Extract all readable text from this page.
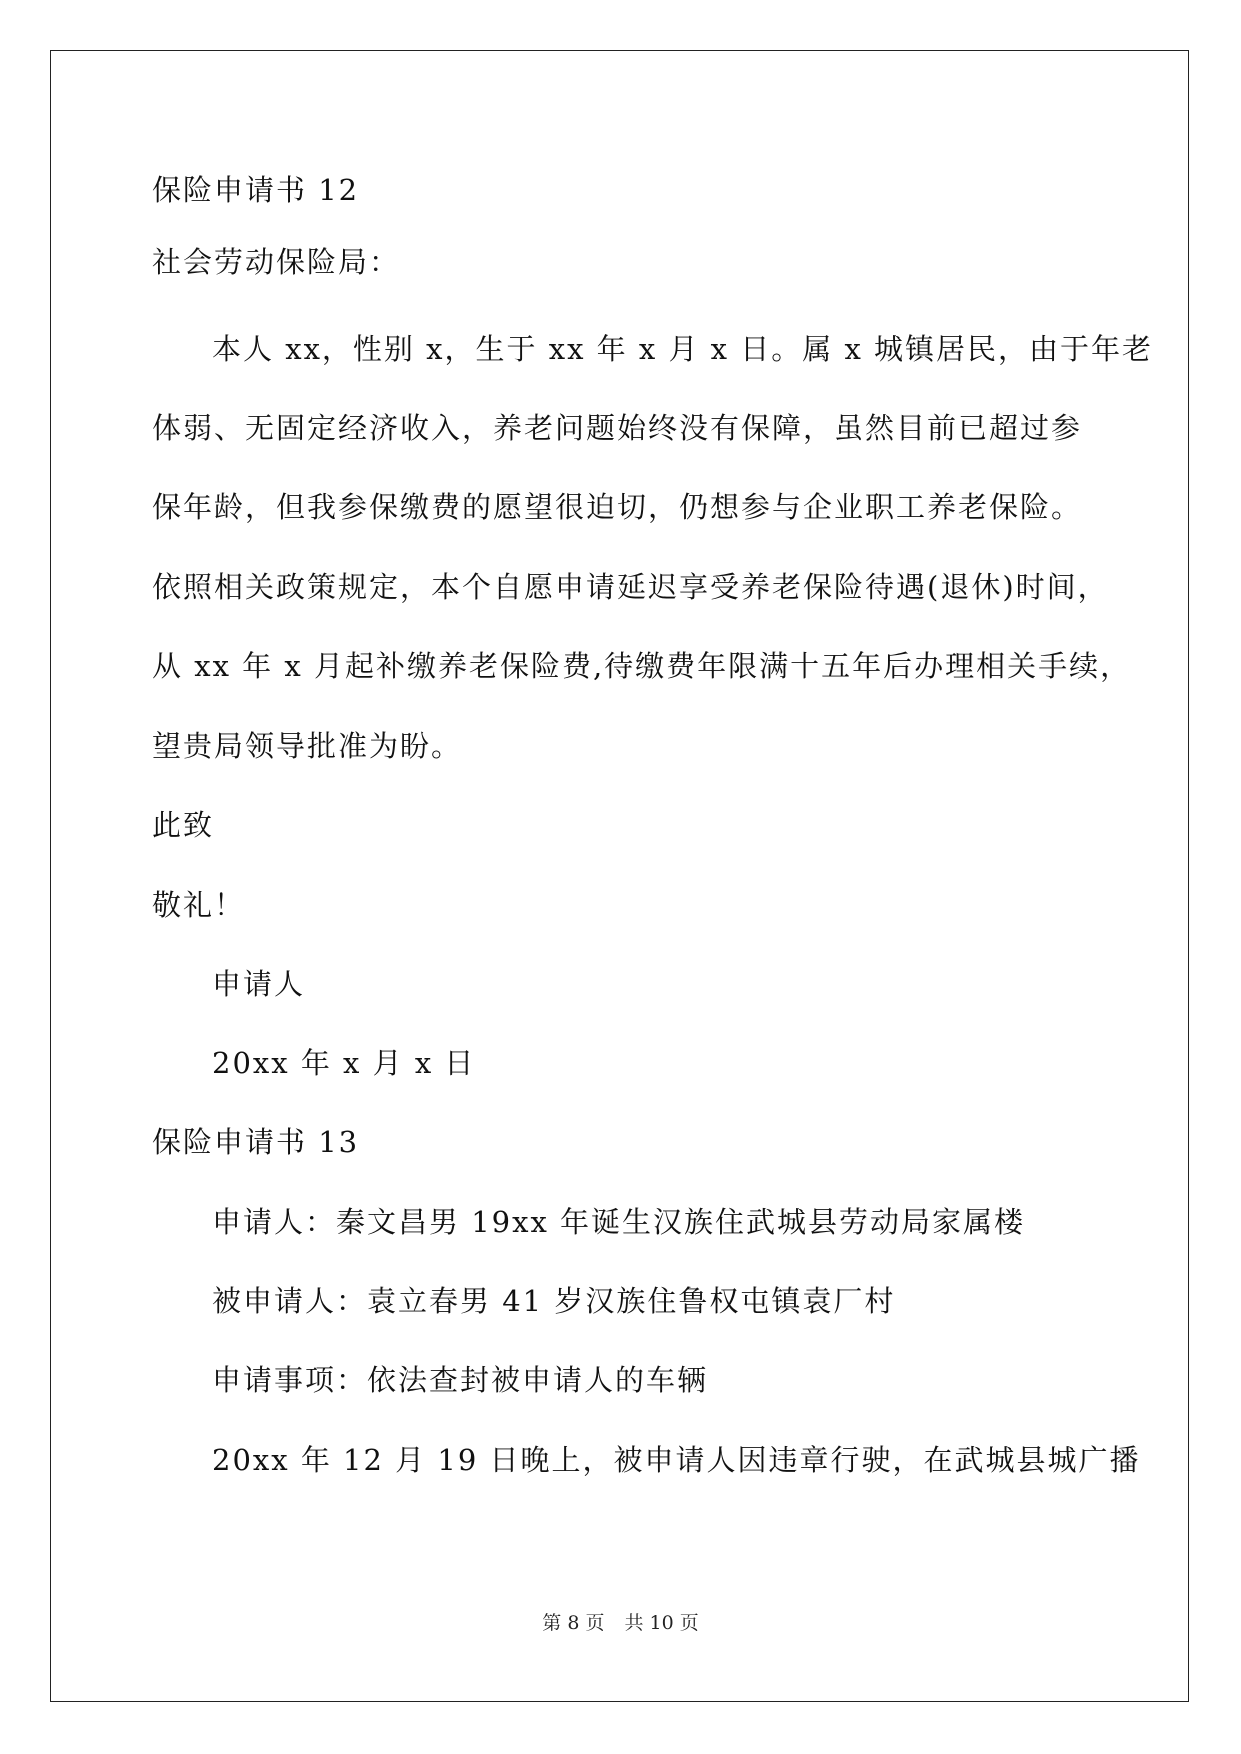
保险申请书 12
社会劳动保险局：
本人 xx，性别 x，生于 xx 年 x 月 x 日。属 x 城镇居民，由于年老
体弱、无固定经济收入，养老问题始终没有保障，虽然目前已超过参
保年龄，但我参保缴费的愿望很迫切，仍想参与企业职工养老保险。
依照相关政策规定，本个自愿申请延迟享受养老保险待遇(退休)时间，
从 xx 年 x 月起补缴养老保险费,待缴费年限满十五年后办理相关手续，
望贵局领导批准为盼。
此致
敬礼！
申请人
20xx 年 x 月 x 日
保险申请书 13
申请人：秦文昌男 19xx 年诞生汉族住武城县劳动局家属楼
被申请人：袁立春男 41 岁汉族住鲁权屯镇袁厂村
申请事项：依法查封被申请人的车辆
20xx 年 12 月 19 日晚上，被申请人因违章行驶，在武城县城广播
第 8 页 共 10 页
